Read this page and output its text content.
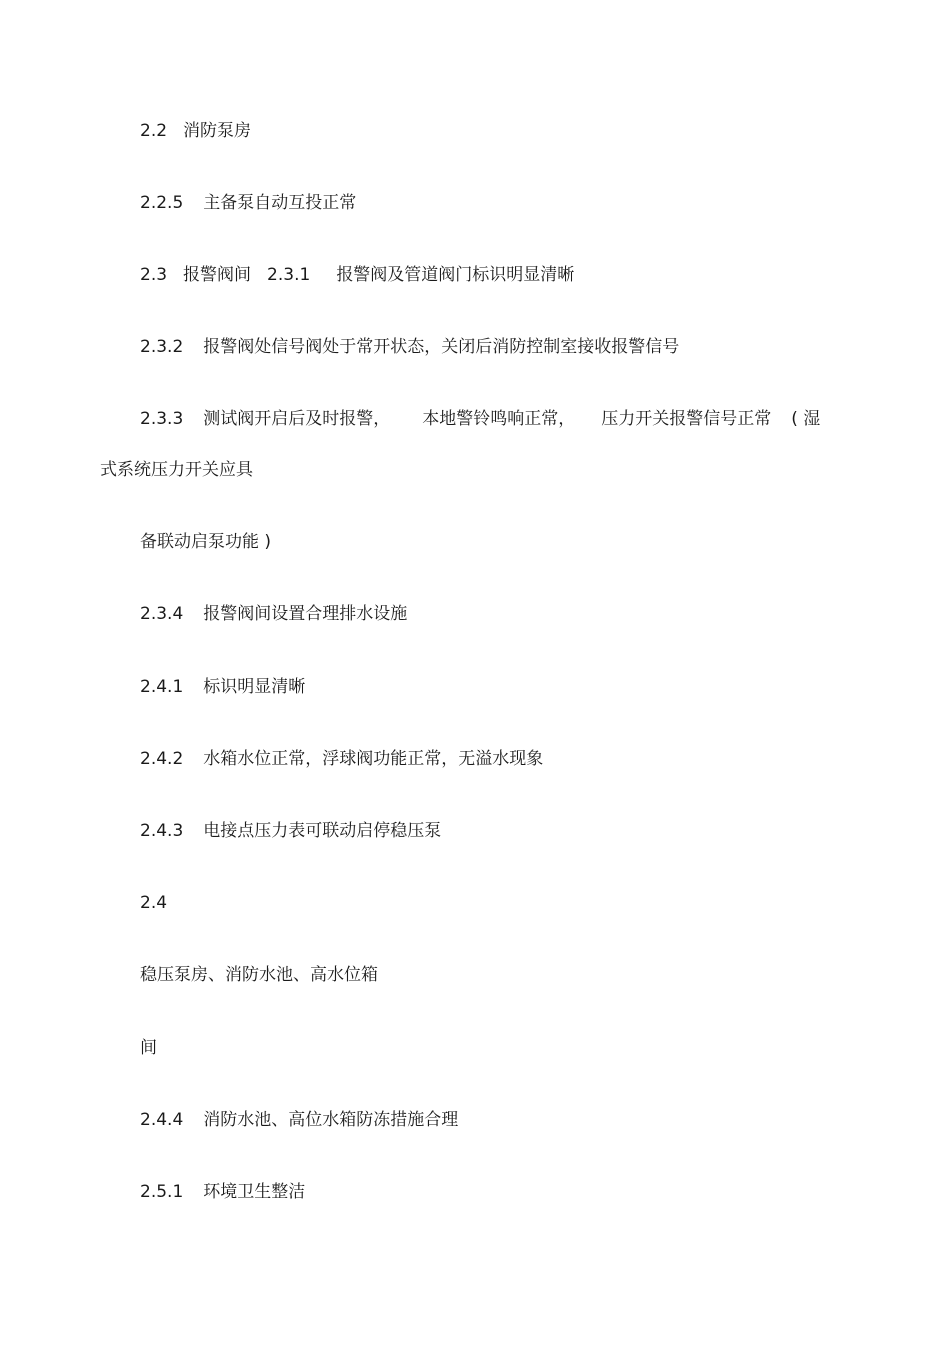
2.2 消防泵房
2.2.5 主备泵自动互投正常
2.3 报警阀间 2.3.1 报警阀及管道阀门标识明显清晰
2.3.2 报警阀处信号阀处于常开状态，关闭后消防控制室接收报警信号
2.3.3 测试阀开启后及时报警， 本地警铃鸣响正常， 压力开关报警信号正常 ( 湿
式系统压力开关应具
备联动启泵功能 )
2.3.4 报警阀间设置合理排水设施
2.4.1 标识明显清晰
2.4.2 水箱水位正常，浮球阀功能正常，无溢水现象
2.4.3 电接点压力表可联动启停稳压泵
2.4
稳压泵房、消防水池、高水位箱
间
2.4.4 消防水池、高位水箱防冻措施合理
2.5.1 环境卫生整洁
